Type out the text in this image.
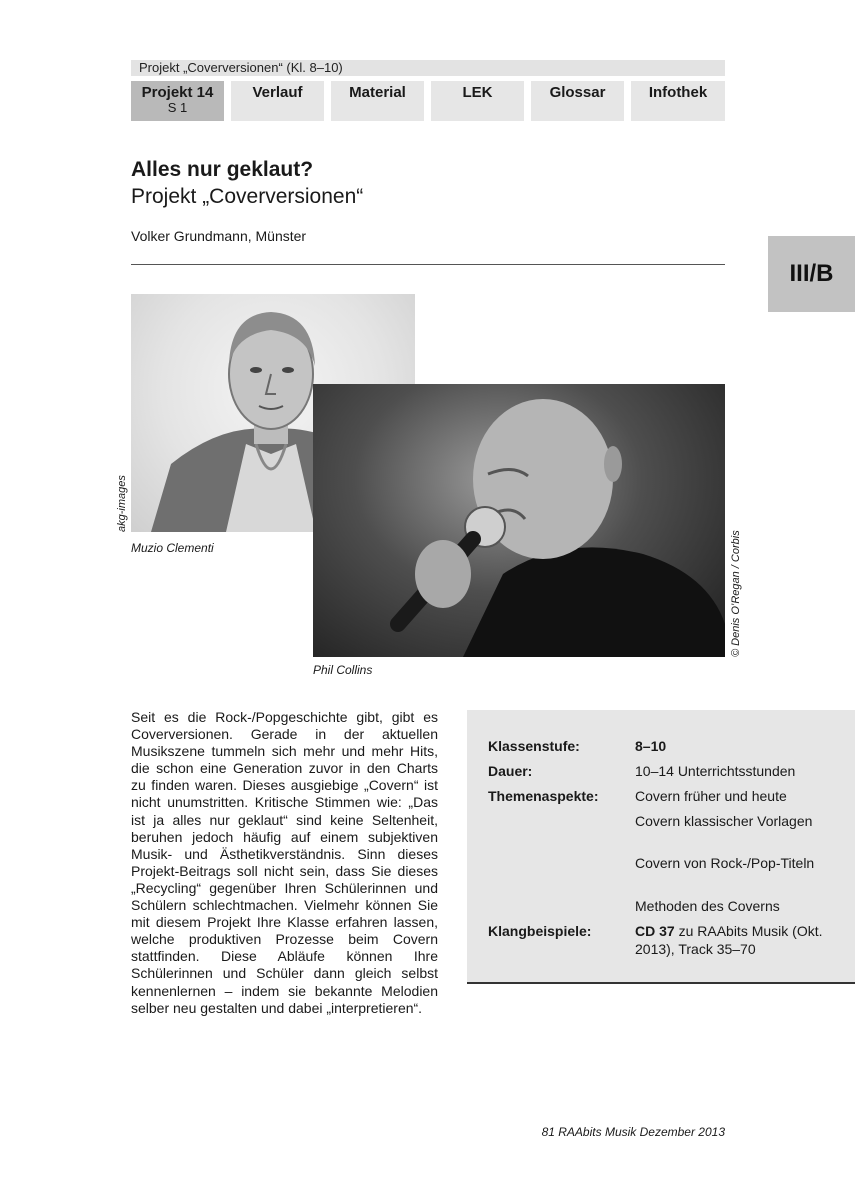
Projekt „Coverversionen“ (Kl. 8–10)
Projekt 14
S 1
Verlauf	Material	LEK	Glossar	Infothek
Alles nur geklaut?
Projekt „Coverversionen“
Volker Grundmann, Münster
III/B
akg-images
Muzio Clementi	© Denis O’Regan / Corbis
Phil Collins
Seit es die Rock-/Popgeschichte gibt, gibt es Coverversionen. Gerade in der aktuellen Musikszene tummeln sich mehr und mehr Hits, die schon eine Generation zuvor in den Charts zu finden waren. Dieses ausgiebige „Covern“ ist nicht unumstritten. Kritische Stimmen wie: „Das ist ja alles nur geklaut“ sind keine Seltenheit, beruhen jedoch häufig auf einem subjektiven Musik- und Ästhetikverständnis. Sinn dieses Projekt-Beitrags soll nicht sein, dass Sie dieses „Recycling“ gegenüber Ihren Schülerinnen und Schülern schlechtmachen. Vielmehr können Sie mit diesem Projekt Ihre Klasse erfahren lassen, welche produktiven Prozesse beim Covern stattfinden. Diese Abläufe können Ihre Schülerinnen und Schüler dann gleich selbst kennenlernen – indem sie bekannte Melodien selber neu gestalten und dabei „interpretieren“.
Klassenstufe:	8–10
Dauer:	10–14 Unterrichtsstunden
Themenaspekte:	Covern früher und heute
Covern klassischer Vorlagen
Covern von Rock-/Pop-Titeln
Methoden des Coverns
Klangbeispiele:	CD 37 zu RAAbits Musik (Okt. 2013), Track 35–70
81 RAAbits Musik Dezember 2013
